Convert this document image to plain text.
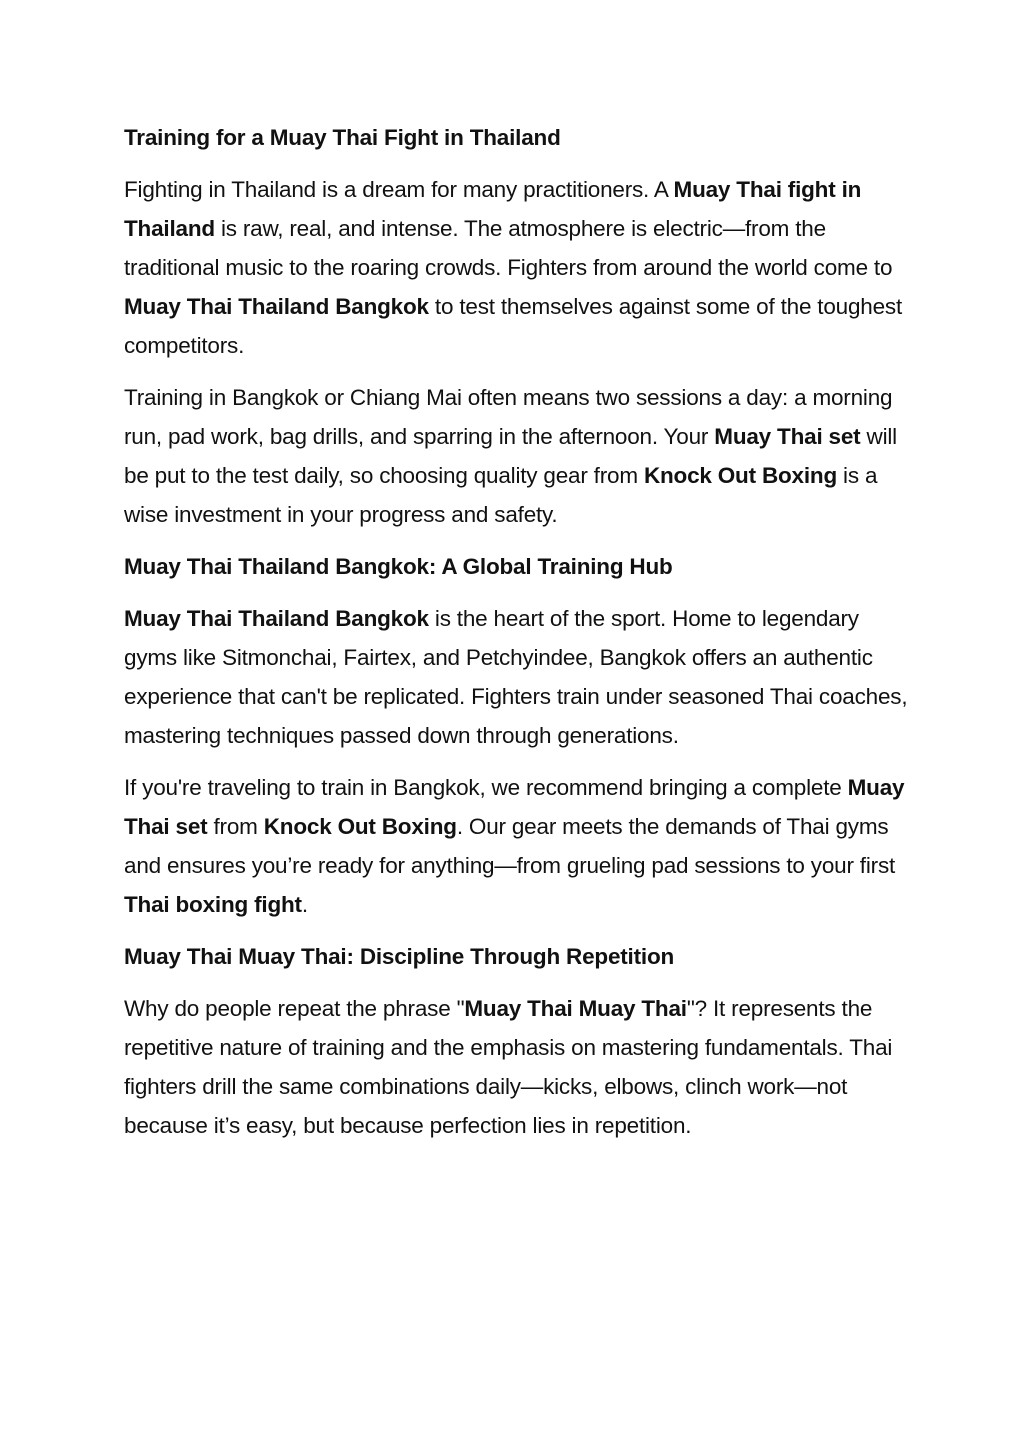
Training for a Muay Thai Fight in Thailand

Fighting in Thailand is a dream for many practitioners. A Muay Thai fight in Thailand is raw, real, and intense. The atmosphere is electric—from the traditional music to the roaring crowds. Fighters from around the world come to Muay Thai Thailand Bangkok to test themselves against some of the toughest competitors.

Training in Bangkok or Chiang Mai often means two sessions a day: a morning run, pad work, bag drills, and sparring in the afternoon. Your Muay Thai set will be put to the test daily, so choosing quality gear from Knock Out Boxing is a wise investment in your progress and safety.

Muay Thai Thailand Bangkok: A Global Training Hub

Muay Thai Thailand Bangkok is the heart of the sport. Home to legendary gyms like Sitmonchai, Fairtex, and Petchyindee, Bangkok offers an authentic experience that can't be replicated. Fighters train under seasoned Thai coaches, mastering techniques passed down through generations.

If you're traveling to train in Bangkok, we recommend bringing a complete Muay Thai set from Knock Out Boxing. Our gear meets the demands of Thai gyms and ensures you’re ready for anything—from grueling pad sessions to your first Thai boxing fight.

Muay Thai Muay Thai: Discipline Through Repetition

Why do people repeat the phrase "Muay Thai Muay Thai"? It represents the repetitive nature of training and the emphasis on mastering fundamentals. Thai fighters drill the same combinations daily—kicks, elbows, clinch work—not because it’s easy, but because perfection lies in repetition.
